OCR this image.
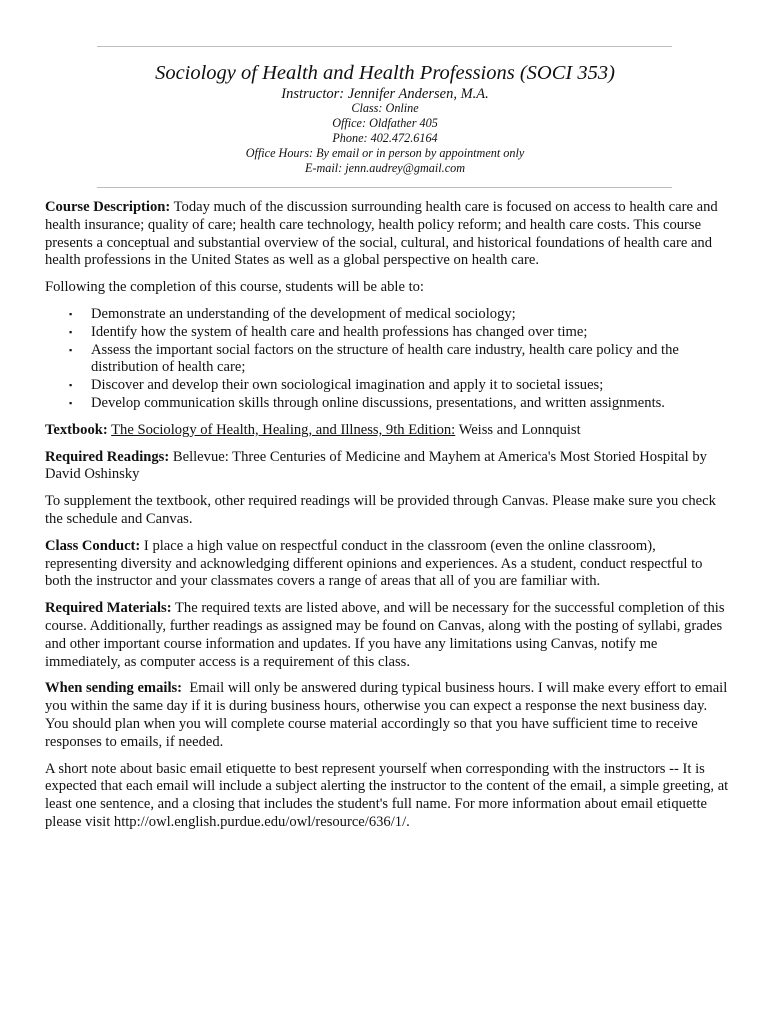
Sociology of Health and Health Professions (SOCI 353)
Instructor: Jennifer Andersen, M.A.
Class: Online
Office: Oldfather 405
Phone: 402.472.6164
Office Hours: By email or in person by appointment only
E-mail: jenn.audrey@gmail.com

Course Description: Today much of the discussion surrounding health care is focused on access to health care and health insurance; quality of care; health care technology, health policy reform; and health care costs. This course presents a conceptual and substantial overview of the social, cultural, and historical foundations of health care and health professions in the United States as well as a global perspective on health care.

Following the completion of this course, students will be able to:

▪ Demonstrate an understanding of the development of medical sociology;
▪ Identify how the system of health care and health professions has changed over time;
▪ Assess the important social factors on the structure of health care industry, health care policy and the distribution of health care;
▪ Discover and develop their own sociological imagination and apply it to societal issues;
▪ Develop communication skills through online discussions, presentations, and written assignments.

Textbook: The Sociology of Health, Healing, and Illness, 9th Edition: Weiss and Lonnquist

Required Readings: Bellevue: Three Centuries of Medicine and Mayhem at America's Most Storied Hospital by David Oshinsky

To supplement the textbook, other required readings will be provided through Canvas. Please make sure you check the schedule and Canvas.

Class Conduct: I place a high value on respectful conduct in the classroom (even the online classroom), representing diversity and acknowledging different opinions and experiences. As a student, conduct respectful to both the instructor and your classmates covers a range of areas that all of you are familiar with.

Required Materials: The required texts are listed above, and will be necessary for the successful completion of this course. Additionally, further readings as assigned may be found on Canvas, along with the posting of syllabi, grades and other important course information and updates. If you have any limitations using Canvas, notify me immediately, as computer access is a requirement of this class.

When sending emails:  Email will only be answered during typical business hours. I will make every effort to email you within the same day if it is during business hours, otherwise you can expect a response the next business day. You should plan when you will complete course material accordingly so that you have sufficient time to receive responses to emails, if needed.

A short note about basic email etiquette to best represent yourself when corresponding with the instructors -- It is expected that each email will include a subject alerting the instructor to the content of the email, a simple greeting, at least one sentence, and a closing that includes the student's full name. For more information about email etiquette please visit http://owl.english.purdue.edu/owl/resource/636/1/.
